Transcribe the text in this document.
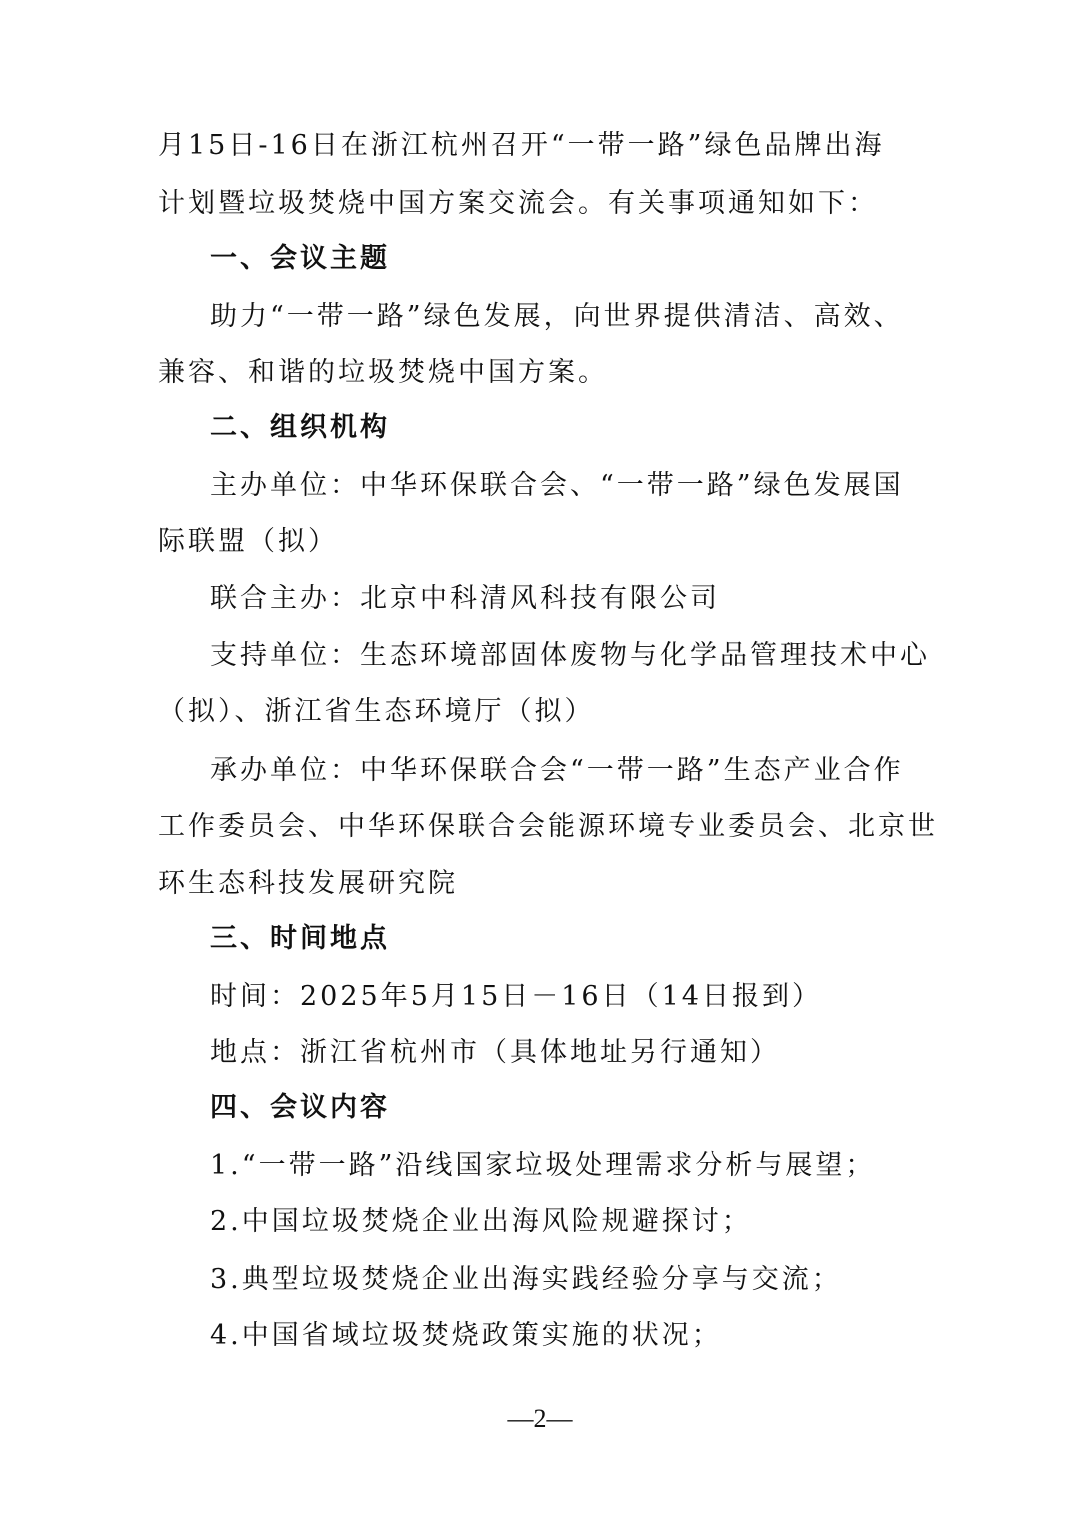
月15日-16日在浙江杭州召开“一带一路”绿色品牌出海
计划暨垃圾焚烧中国方案交流会。有关事项通知如下：
一、会议主题
助力“一带一路”绿色发展，向世界提供清洁、高效、
兼容、和谐的垃圾焚烧中国方案。
二、组织机构
主办单位：中华环保联合会、“一带一路”绿色发展国
际联盟（拟）
联合主办：北京中科清风科技有限公司
支持单位：生态环境部固体废物与化学品管理技术中心
（拟）、浙江省生态环境厅（拟）
承办单位：中华环保联合会“一带一路”生态产业合作
工作委员会、中华环保联合会能源环境专业委员会、北京世
环生态科技发展研究院
三、时间地点
时间：2025年5月15日－16日（14日报到）
地点：浙江省杭州市（具体地址另行通知）
四、会议内容
1.“一带一路”沿线国家垃圾处理需求分析与展望；
2.中国垃圾焚烧企业出海风险规避探讨；
3.典型垃圾焚烧企业出海实践经验分享与交流；
4.中国省域垃圾焚烧政策实施的状况；
—2—
